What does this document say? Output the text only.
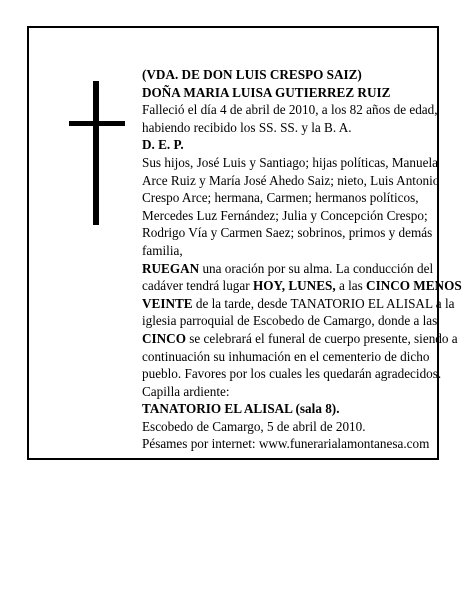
(VDA. DE DON LUIS CRESPO SAIZ)

DOÑA MARIA LUISA GUTIERREZ RUIZ

Falleció el día 4 de abril de 2010, a los 82 años de edad, habiendo recibido los SS. SS. y la B. A.

D. E. P.

Sus hijos, José Luis y Santiago; hijas políticas, Manuela Arce Ruiz y María José Ahedo Saiz; nieto, Luis Antonio Crespo Arce; hermana, Carmen; hermanos políticos, Mercedes Luz Fernández; Julia y Concepción Crespo; Rodrigo Vía y Carmen Saez; sobrinos, primos y demás familia,

RUEGAN una oración por su alma. La conducción del cadáver tendrá lugar HOY, LUNES, a las CINCO MENOS VEINTE de la tarde, desde TANATORIO EL ALISAL a la iglesia parroquial de Escobedo de Camargo, donde a las CINCO se celebrará el funeral de cuerpo presente, siendo a continuación su inhumación en el cementerio de dicho pueblo. Favores por los cuales les quedarán agradecidos. Capilla ardiente:

TANATORIO EL ALISAL (sala 8).

Escobedo de Camargo, 5 de abril de 2010.

Pésames por internet: www.funerarialamontanesa.com
